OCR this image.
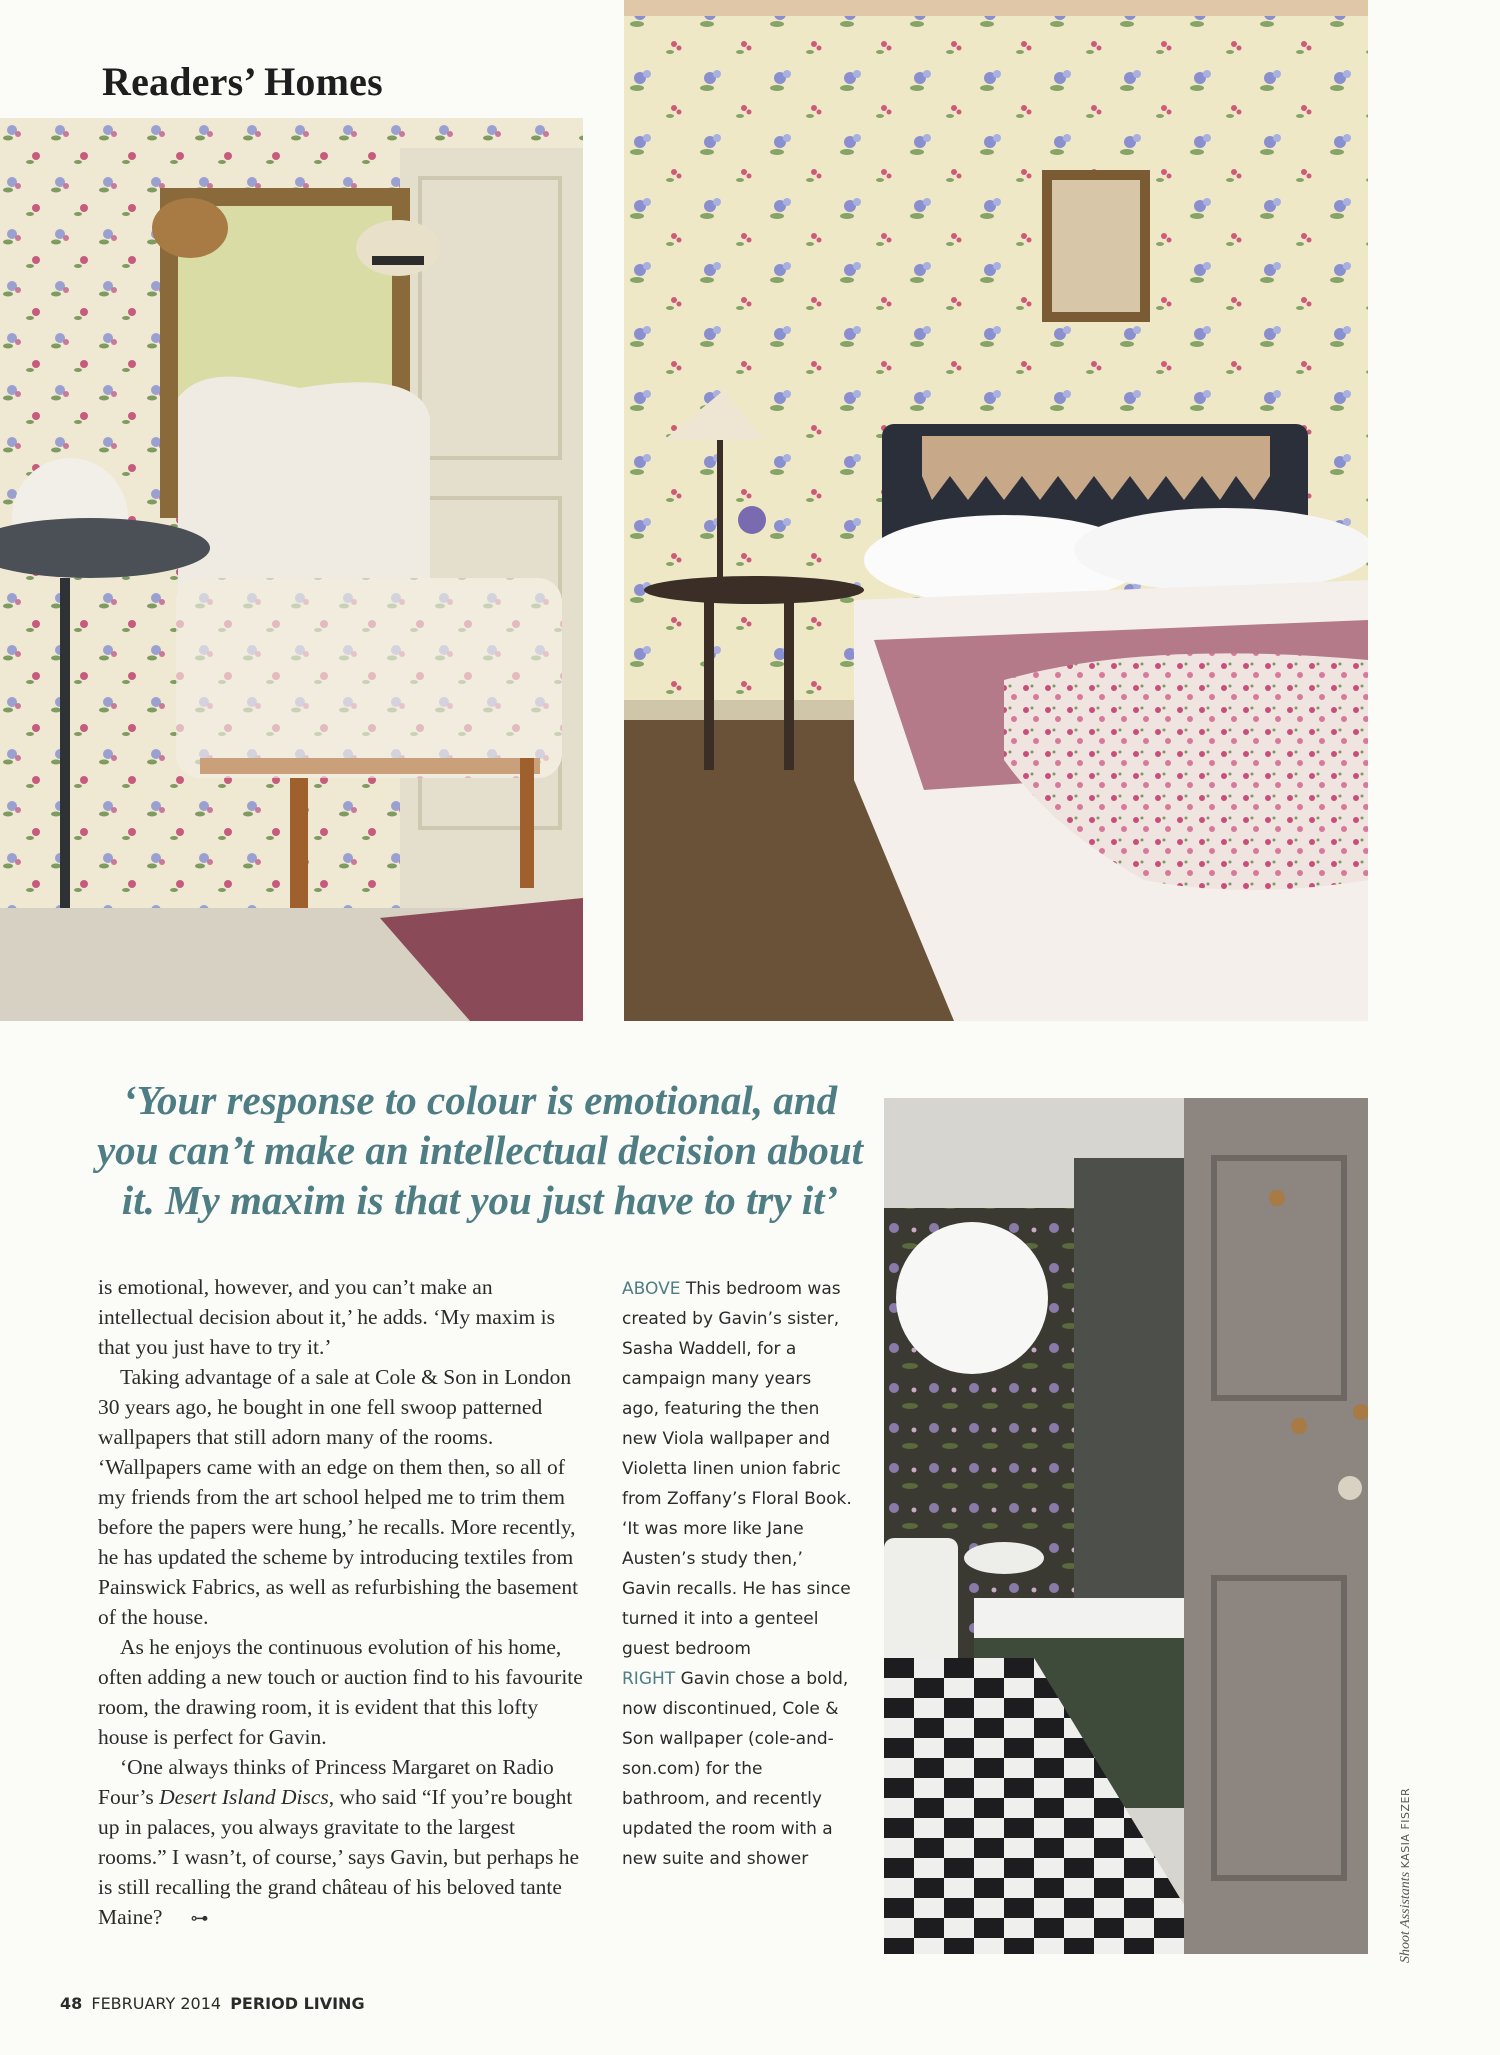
Readers’ Homes
‘Your response to colour is emotional, and you can’t make an intellectual decision about it. My maxim is that you just have to try it’

is emotional, however, and you can’t make an intellectual decision about it,’ he adds. ‘My maxim is that you just have to try it.’

Taking advantage of a sale at Cole & Son in London 30 years ago, he bought in one fell swoop patterned wallpapers that still adorn many of the rooms. ‘Wallpapers came with an edge on them then, so all of my friends from the art school helped me to trim them before the papers were hung,’ he recalls. More recently, he has updated the scheme by introducing textiles from Painswick Fabrics, as well as refurbishing the basement of the house.

As he enjoys the continuous evolution of his home, often adding a new touch or auction find to his favourite room, the drawing room, it is evident that this lofty house is perfect for Gavin.

‘One always thinks of Princess Margaret on Radio Four’s Desert Island Discs, who said “If you’re bought up in palaces, you always gravitate to the largest rooms.” I wasn’t, of course,’ says Gavin, but perhaps he is still recalling the grand château of his beloved tante Maine? ⊶

ABOVE This bedroom was created by Gavin’s sister, Sasha Waddell, for a campaign many years ago, featuring the then new Viola wallpaper and Violetta linen union fabric from Zoffany’s Floral Book. ‘It was more like Jane Austen’s study then,’ Gavin recalls. He has since turned it into a genteel guest bedroom

RIGHT Gavin chose a bold, now discontinued, Cole & Son wallpaper (cole-and-son.com) for the bathroom, and recently updated the room with a new suite and shower

Shoot Assistants KASIA FISZER
48 FEBRUARY 2014 PERIOD LIVING
